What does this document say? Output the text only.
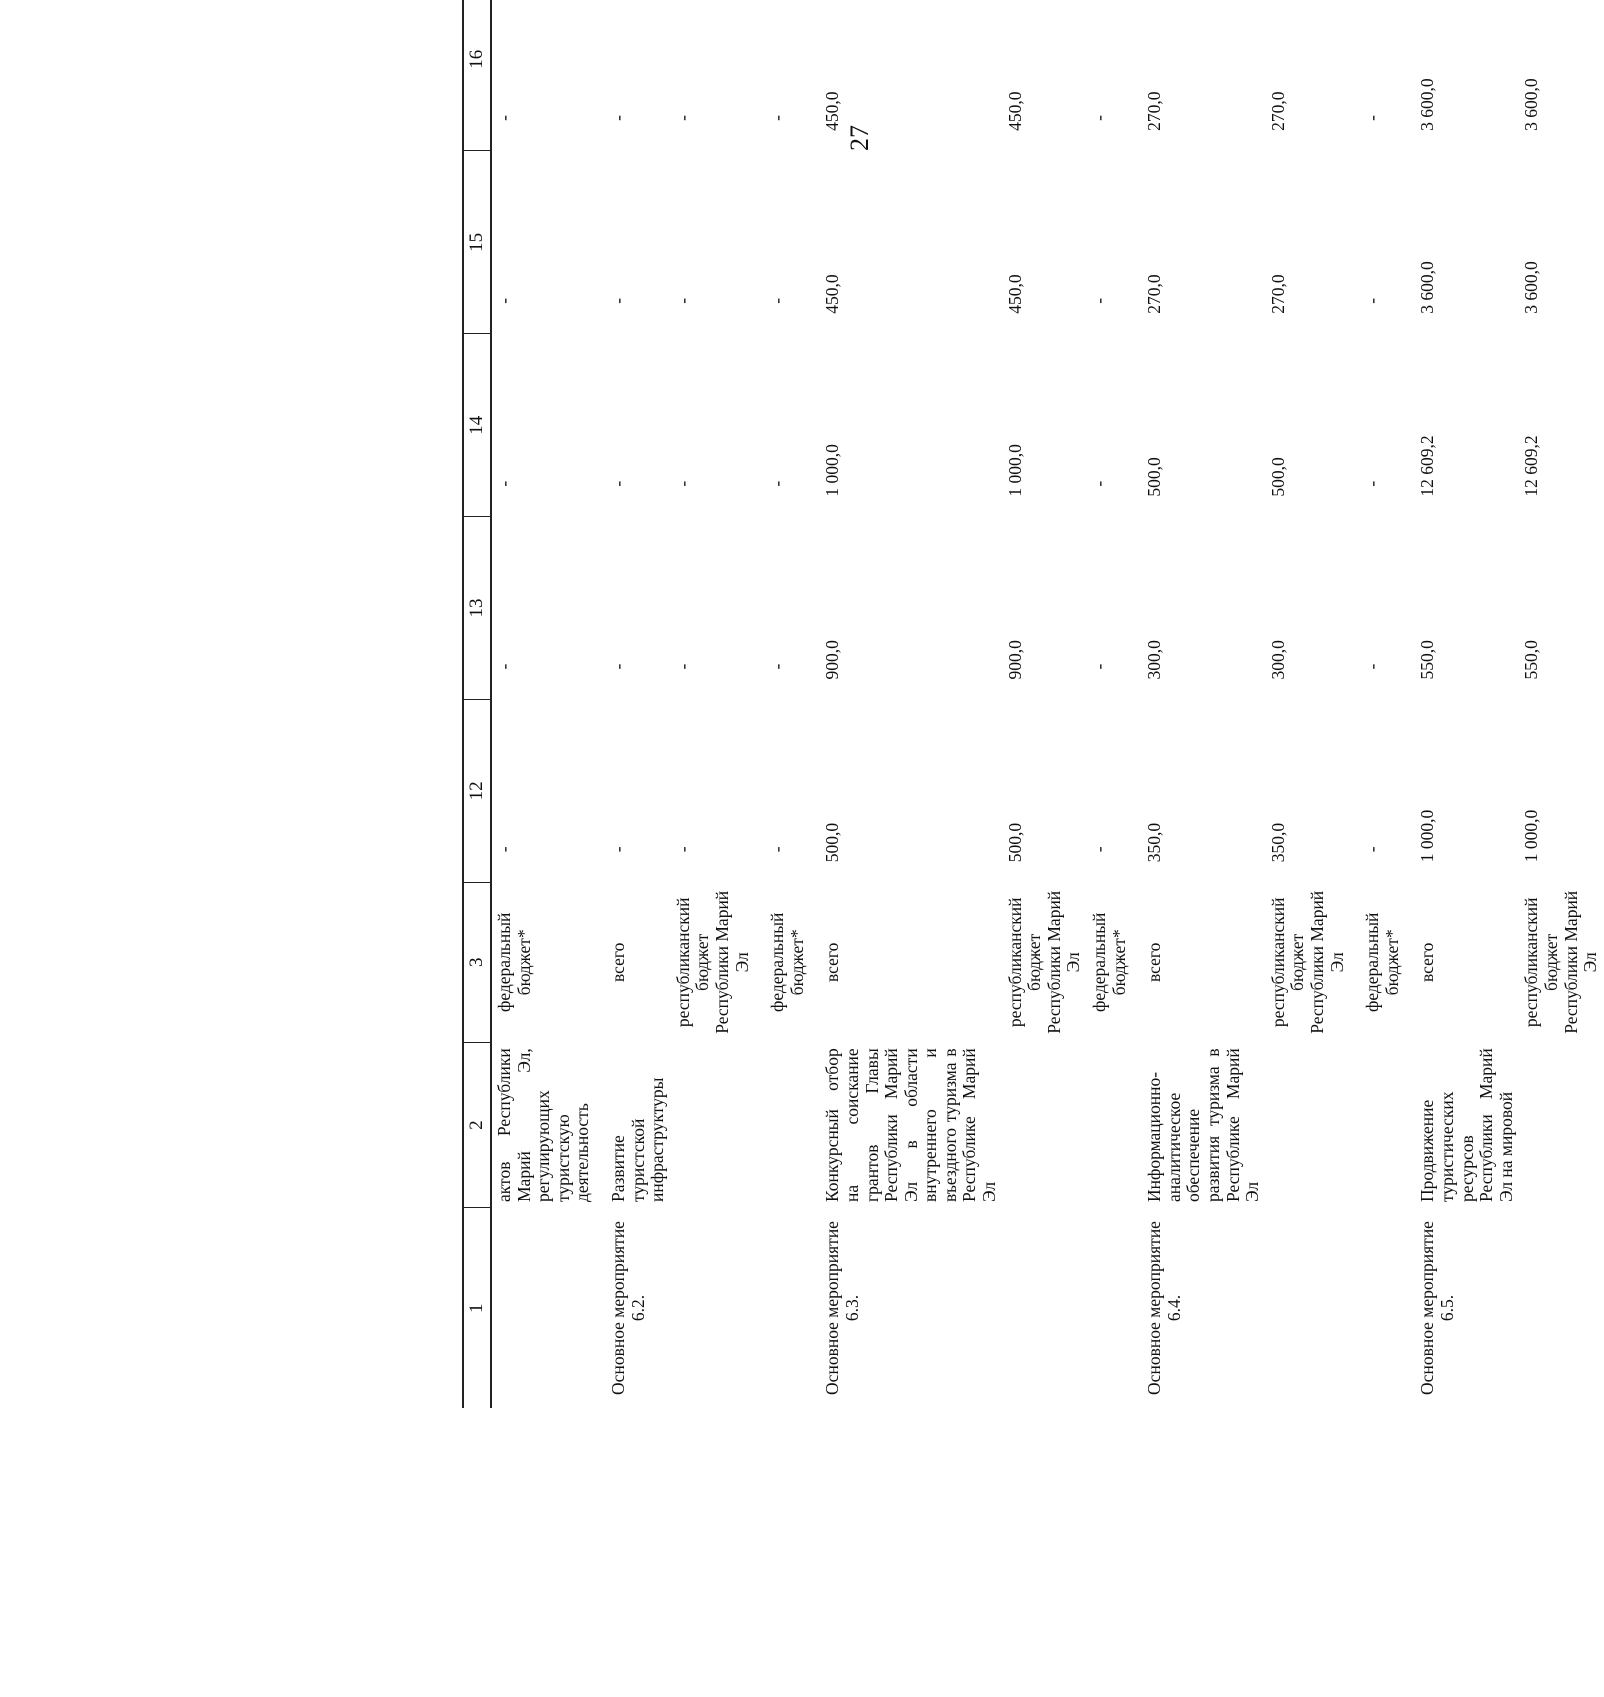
27
1	2	3	12	13	14	15	16
	актов Республики Марий Эл, регулирующих туристскую деятельность	федеральный бюджет*	-	-	-	-	-

Основное мероприятие 6.2.	Развитие туристской инфраструктуры	всего	-	-	-	-	-
		республиканский бюджет Республики Марий Эл	-	-	-	-	-

		федеральный бюджет*	-	-	-	-	-

Основное мероприятие 6.3.	Конкурсный отбор на соискание грантов Главы Республики Марий Эл в области внутреннего и въездного туризма в Республике Марий Эл	всего	500,0	900,0	1 000,0	450,0	450,0
		республиканский бюджет Республики Марий Эл	500,0	900,0	1 000,0	450,0	450,0
		федеральный бюджет*	-	-	-	-	-

Основное мероприятие 6.4.	Информационно-аналитическое обеспечение развития туризма в Республике Марий Эл	всего	350,0	300,0	500,0	270,0	270,0
		республиканский бюджет Республики Марий Эл	350,0	300,0	500,0	270,0	270,0

		федеральный бюджет*	-	-	-	-	-

Основное мероприятие 6.5.	Продвижение туристических ресурсов Республики Марий Эл на мировой	всего	1 000,0	550,0	12 609,2	3 600,0	3 600,0
		республиканский бюджет Республики Марий Эл	1 000,0	550,0	12 609,2	3 600,0	3 600,0
